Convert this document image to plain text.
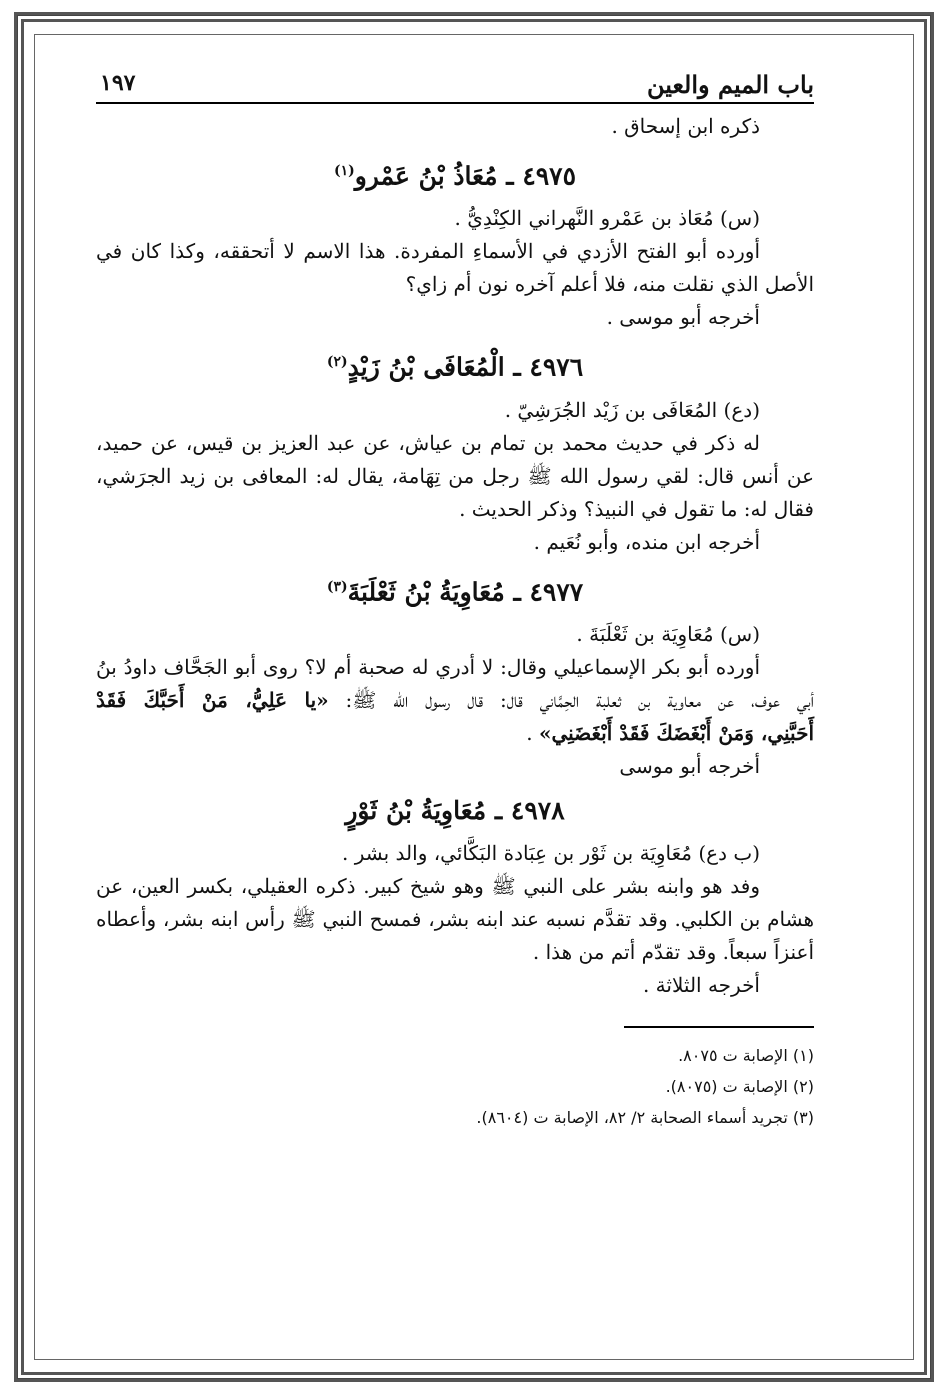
باب الميم والعين
١٩٧
ذكره ابن إسحاق .
٤٩٧٥ ـ مُعَاذُ بْنُ عَمْرو$^{(١)}$
(س) مُعَاذ بن عَمْرو النَّهراني الكِنْدِيُّ .
أورده أبو الفتح الأزدي في الأسماءِ المفردة. هذا الاسم لا أتحققه، وكذا كان في
الأصل الذي نقلت منه، فلا أعلم آخره نون أم زاي؟
أخرجه أبو موسى .
٤٩٧٦ ـ الْمُعَافَى بْنُ زَيْدٍ$^{(٢)}$
(دع) المُعَافَى بن زَيْد الجُرَشِيّ .
له ذكر في حديث محمد بن تمام بن عياش، عن عبد العزيز بن قيس، عن حميد،
عن أنس قال: لقي رسول الله ﷺ رجل من تِهَامة، يقال له: المعافى بن زيد الجرَشي،
فقال له: ما تقول في النبيذ؟ وذكر الحديث .
أخرجه ابن منده، وأبو نُعَيم .
٤٩٧٧ ـ مُعَاوِيَةُ بْنُ ثَعْلَبَةَ$^{(٣)}$
(س) مُعَاوِيَة بن ثَعْلَبَةَ .
أورده أبو بكر الإسماعيلي وقال: لا أدري له صحبة أم لا؟ روى أبو الجَحَّاف داودُ بنُ
أبي عوف، عن معاوية بن ثعلبة الحِمَّاني قال: قال رسول الله ﷺ: «يا عَلِيُّ، مَنْ أَحَبَّكَ فَقَدْ
أَحَبَّنِي، وَمَنْ أَبْغَضَكَ فَقَدْ أَبْغَضَنِي» .
أخرجه أبو موسى
٤٩٧٨ ـ مُعَاوِيَةُ بْنُ ثَوْرٍ
(ب دع) مُعَاوِيَة بن ثَوْر بن عِبَادة البَكَّائي، والد بشر .
وفد هو وابنه بشر على النبي ﷺ وهو شيخ كبير. ذكره العقيلي، بكسر العين، عن
هشام بن الكلبي. وقد تقدَّم نسبه عند ابنه بشر، فمسح النبي ﷺ رأس ابنه بشر، وأعطاه
أعنزاً سبعاً. وقد تقدّم أتم من هذا .
أخرجه الثلاثة .
(١) الإصابة ت ٨٠٧٥.
(٢) الإصابة ت (٨٠٧٥).
(٣) تجريد أسماء الصحابة ٢/ ٨٢، الإصابة ت (٨٦٠٤).
